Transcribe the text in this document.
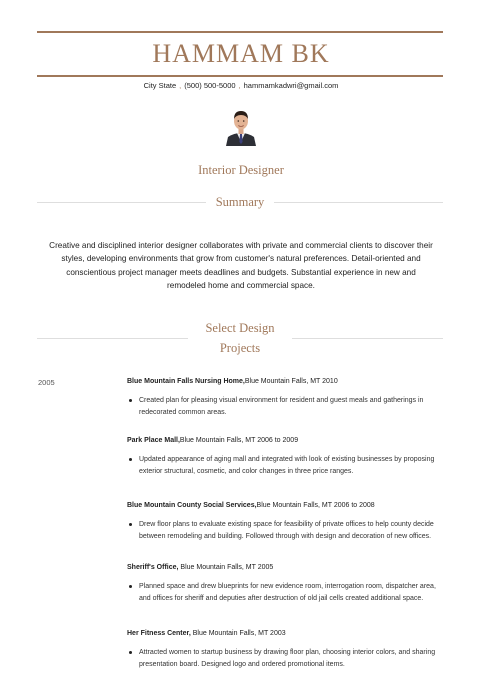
HAMMAM BK
City State , (500) 500-5000 , hammamkadwri@gmail.com
Interior Designer
Summary
Creative and disciplined interior designer collaborates with private and commercial clients to discover their styles, developing environments that grow from customer's natural preferences. Detail-oriented and conscientious project manager meets deadlines and budgets. Substantial experience in new and remodeled home and commercial space.
Select Design Projects
2005	Blue Mountain Falls Nursing Home,Blue Mountain Falls, MT 2010
Created plan for pleasing visual environment for resident and guest meals and gatherings in redecorated common areas.
Park Place Mall,Blue Mountain Falls, MT 2006 to 2009
Updated appearance of aging mall and integrated with look of existing businesses by proposing exterior structural, cosmetic, and color changes in three price ranges.
Blue Mountain County Social Services,Blue Mountain Falls, MT 2006 to 2008
Drew floor plans to evaluate existing space for feasibility of private offices to help county decide between remodeling and building. Followed through with design and decoration of new offices.
Sheriff's Office, Blue Mountain Falls, MT 2005
Planned space and drew blueprints for new evidence room, interrogation room, dispatcher area, and offices for sheriff and deputies after destruction of old jail cells created additional space.
Her Fitness Center, Blue Mountain Falls, MT 2003
Attracted women to startup business by drawing floor plan, choosing interior colors, and sharing presentation board. Designed logo and ordered promotional items.
